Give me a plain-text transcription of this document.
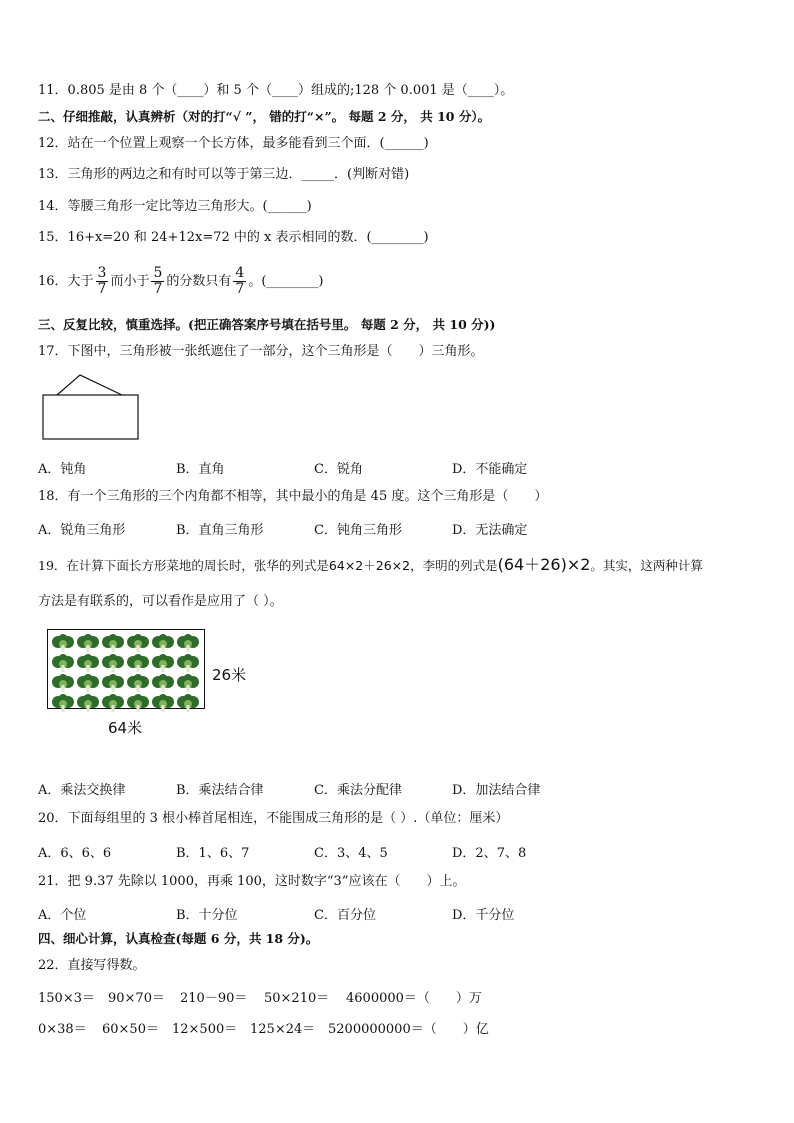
11．0.805 是由 8 个（____）和 5 个（____）组成的;128 个 0.001 是（____）。
二、仔细推敲，认真辨析（对的打“√ ”， 错的打“×”。 每题 2 分， 共 10 分）。
12．站在一个位置上观察一个长方体，最多能看到三个面．(______)
13．三角形的两边之和有时可以等于第三边．_____．(判断对错)
14．等腰三角形一定比等边三角形大。(______)
15．16+x=20 和 24+12x=72 中的 x 表示相同的数．(________)
16．大于 $\frac{3}{7}$ 而小于 $\frac{5}{7}$ 的分数只有 $\frac{4}{7}$ 。(________)
三、反复比较，慎重选择。(把正确答案序号填在括号里。 每题 2 分， 共 10 分))
17．下图中，三角形被一张纸遮住了一部分，这个三角形是（　　）三角形。
A．钝角	B．直角	C．锐角	D．不能确定
18．有一个三角形的三个内角都不相等，其中最小的角是 45 度。这个三角形是（　　）
A．锐角三角形	B．直角三角形	C．钝角三角形	D．无法确定
19．在计算下面长方形菜地的周长时，张华的列式是64×2＋26×2，李明的列式是(64＋26)×2。其实，这两种计算
方法是有联系的，可以看作是应用了（ ）。
26米
64米
A．乘法交换律	B．乘法结合律	C．乘法分配律	D．加法结合律
20．下面每组里的 3 根小棒首尾相连，不能围成三角形的是（ ）.（单位：厘米）
A．6、6、6	B．1、6、7	C．3、4、5	D．2、7、8
21．把 9.37 先除以 1000，再乘 100，这时数字“3”应该在（　　）上。
A．个位	B．十分位	C．百分位	D．千分位
四、细心计算，认真检查(每题 6 分，共 18 分)。
22．直接写得数。
150×3＝ 90×70＝ 210－90＝ 50×210＝ 4600000＝（　　）万
0×38＝ 60×50＝ 12×500＝ 125×24＝ 5200000000＝（　　）亿
